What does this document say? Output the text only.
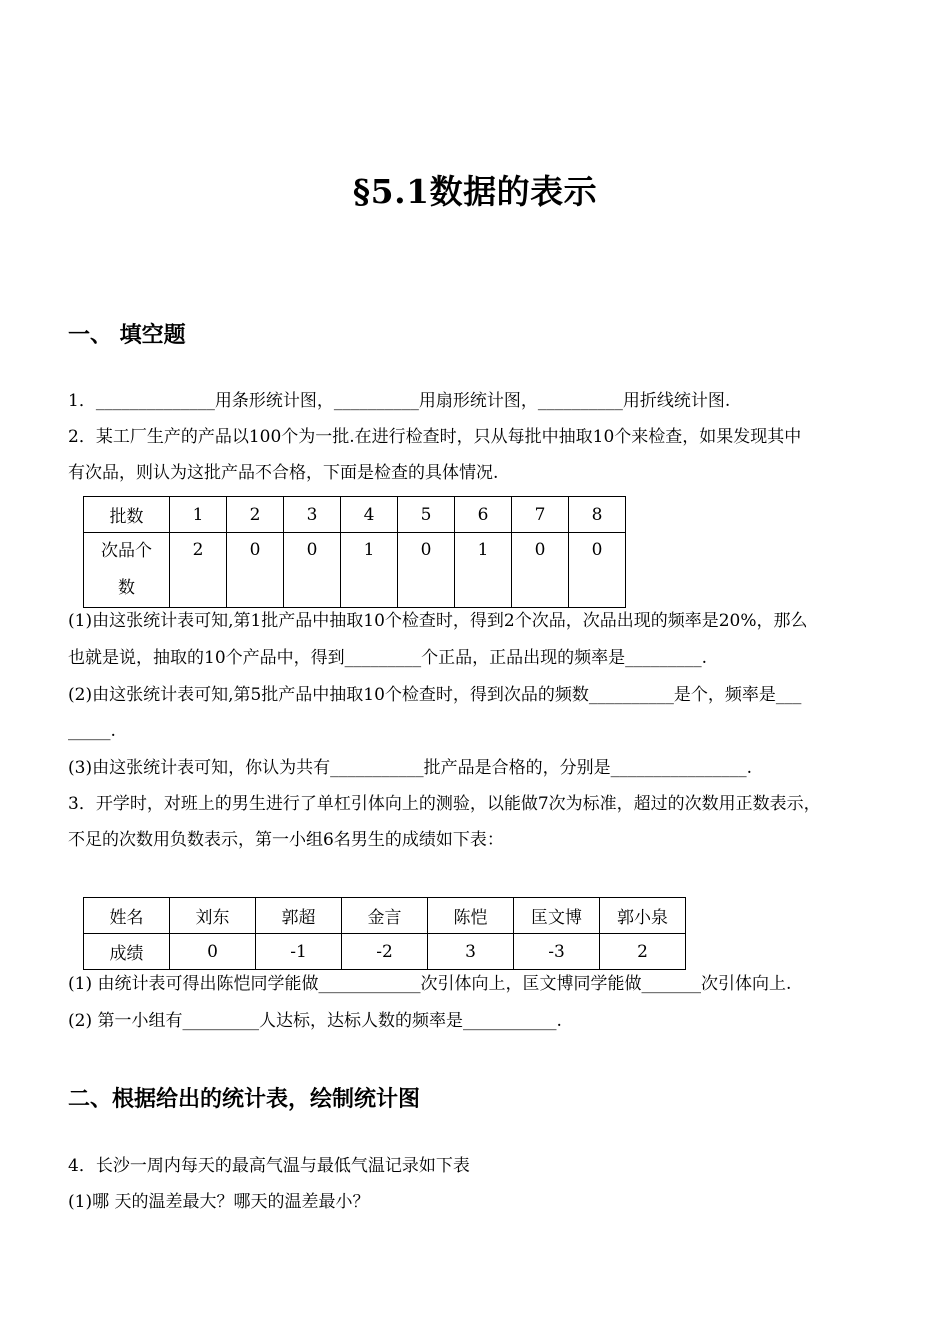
§5.1数据的表示
一、 填空题
1．______________用条形统计图，__________用扇形统计图，__________用折线统计图.
2．某工厂生产的产品以100个为一批.在进行检查时，只从每批中抽取10个来检查，如果发现其中
有次品，则认为这批产品不合格，下面是检查的具体情况.
批数	1	2	3	4	5	6	7	8
次品个
数	2	0	0	1	0	1	0	0
(1)由这张统计表可知,第1批产品中抽取10个检查时，得到2个次品，次品出现的频率是20%，那么
也就是说，抽取的10个产品中，得到_________个正品，正品出现的频率是_________.
(2)由这张统计表可知,第5批产品中抽取10个检查时，得到次品的频数__________是个，频率是___
_____.
(3)由这张统计表可知，你认为共有___________批产品是合格的，分别是________________.
3．开学时，对班上的男生进行了单杠引体向上的测验，以能做7次为标准，超过的次数用正数表示，
不足的次数用负数表示，第一小组6名男生的成绩如下表：
姓名	刘东	郭超	金言	陈恺	匡文博	郭小泉
成绩	0	-1	-2	3	-3	2
(1) 由统计表可得出陈恺同学能做____________次引体向上，匡文博同学能做_______次引体向上.
(2) 第一小组有_________人达标，达标人数的频率是___________.
二、根据给出的统计表，绘制统计图
4．长沙一周内每天的最高气温与最低气温记录如下表
(1)哪 天的温差最大？哪天的温差最小？
